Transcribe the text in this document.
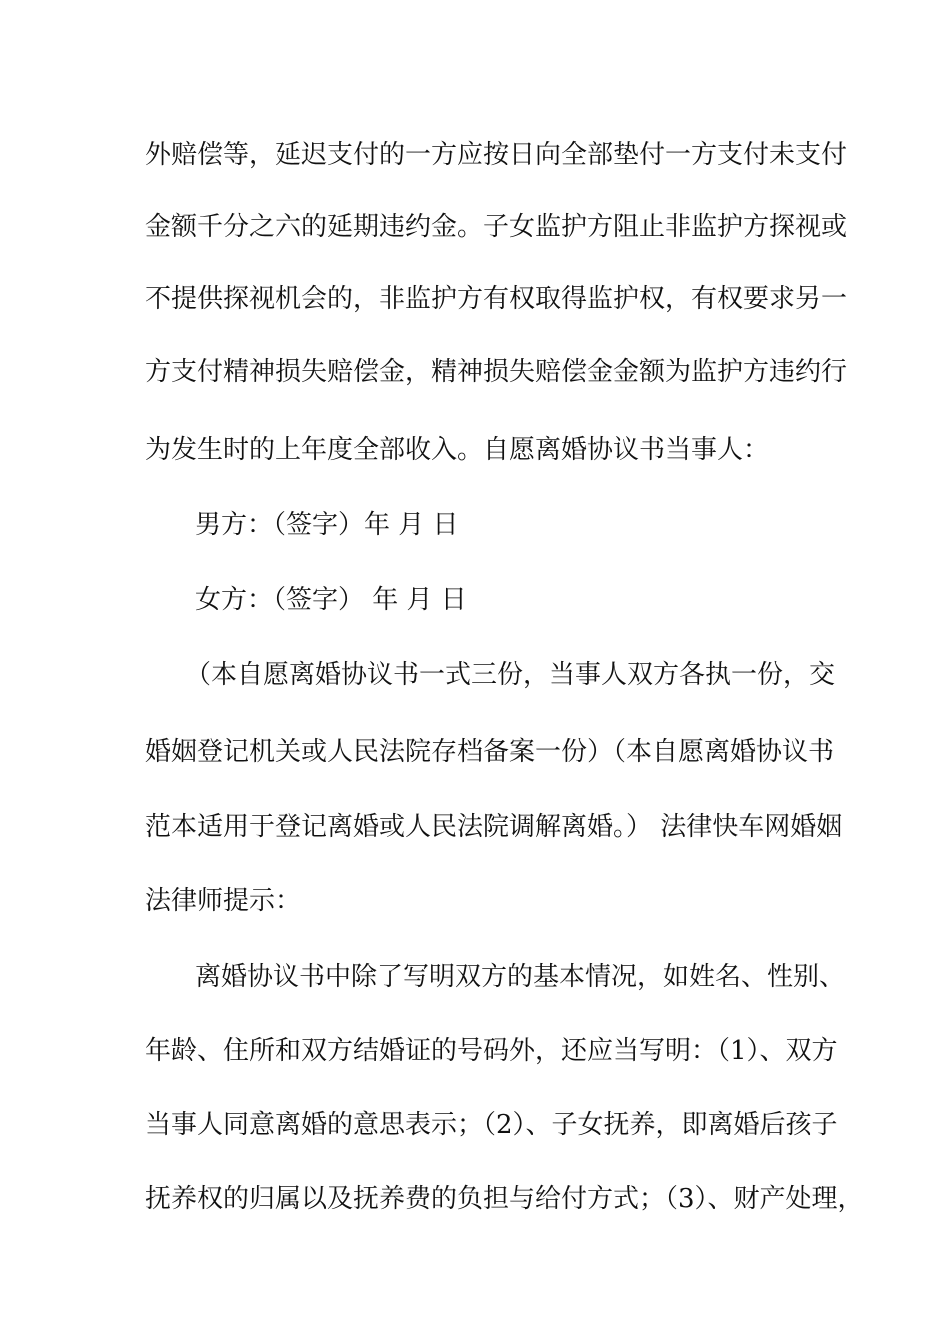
外赔偿等，延迟支付的一方应按日向全部垫付一方支付未支付
金额千分之六的延期违约金。子女监护方阻止非监护方探视或
不提供探视机会的，非监护方有权取得监护权，有权要求另一
方支付精神损失赔偿金，精神损失赔偿金金额为监护方违约行
为发生时的上年度全部收入。自愿离婚协议书当事人：
男方：（签字）年 月 日
女方：（签字） 年 月 日
（本自愿离婚协议书一式三份，当事人双方各执一份，交
婚姻登记机关或人民法院存档备案一份）（本自愿离婚协议书
范本适用于登记离婚或人民法院调解离婚。） 法律快车网婚姻
法律师提示：
离婚协议书中除了写明双方的基本情况，如姓名、性别、
年龄、住所和双方结婚证的号码外，还应当写明：（1）、双方
当事人同意离婚的意思表示；（2）、子女抚养，即离婚后孩子
抚养权的归属以及抚养费的负担与给付方式；（3）、财产处理，
